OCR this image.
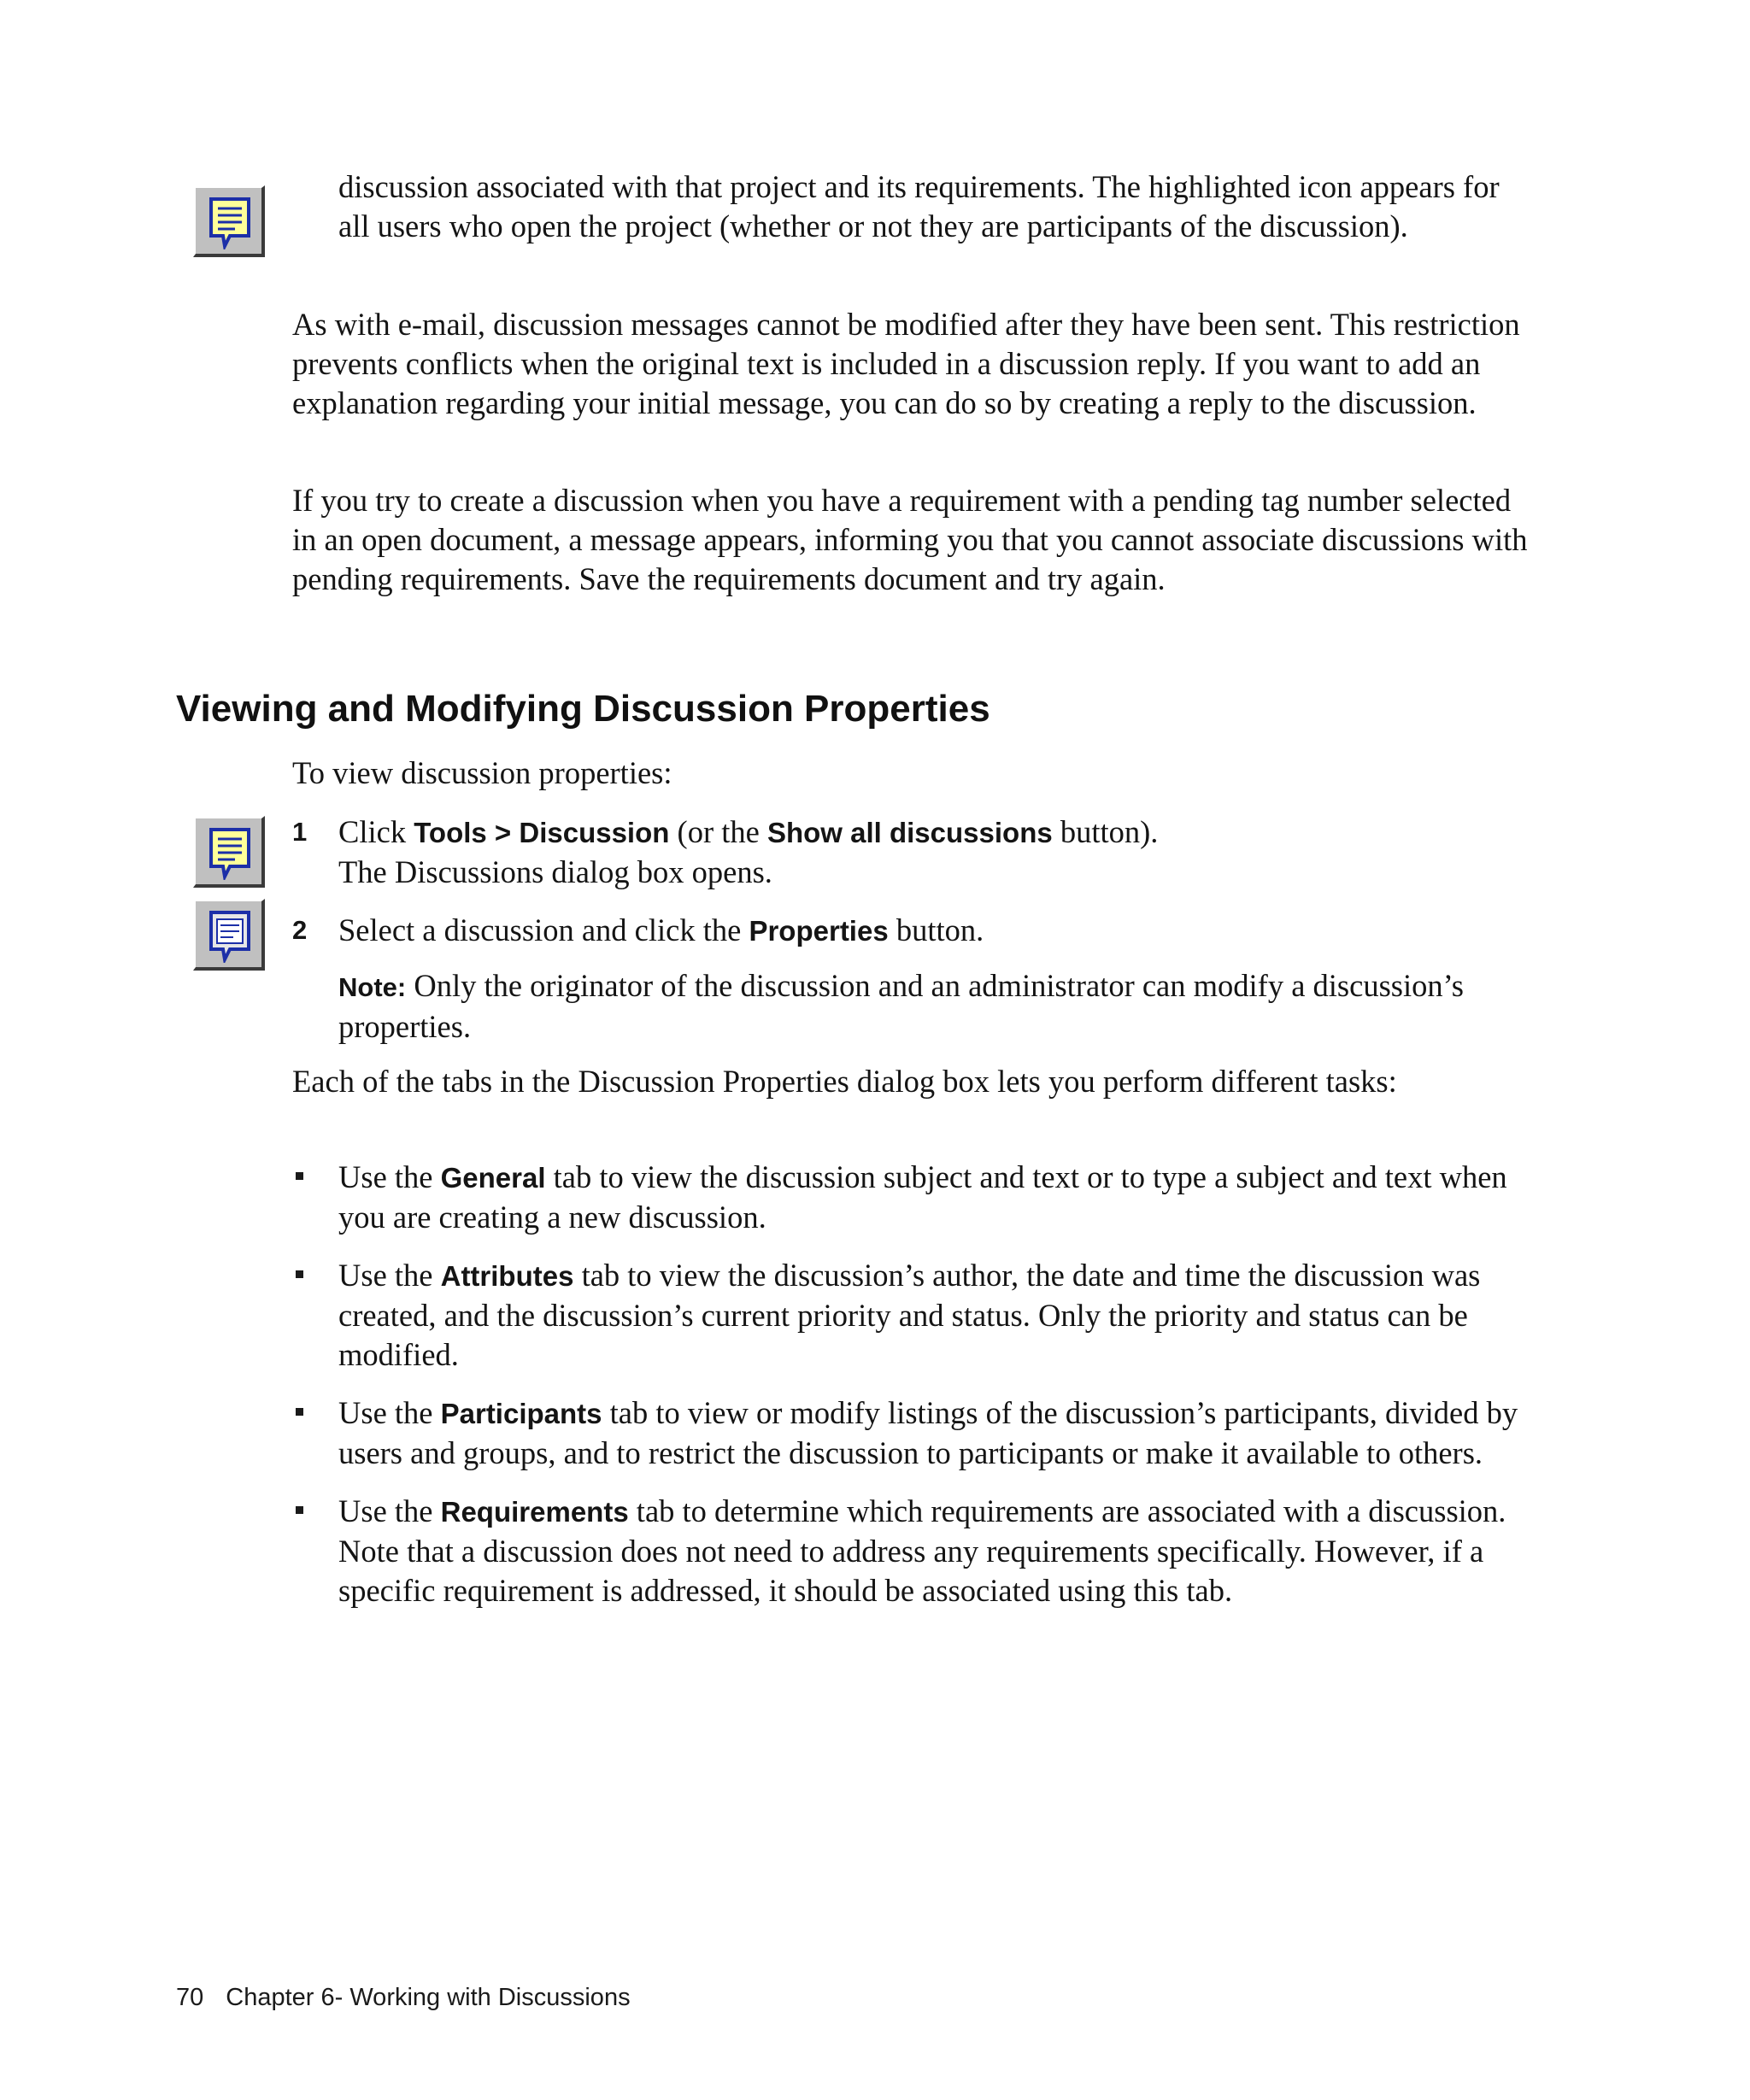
discussion associated with that project and its requirements. The highlighted icon appears for all users who open the project (whether or not they are participants of the discussion).

As with e-mail, discussion messages cannot be modified after they have been sent. This restriction prevents conflicts when the original text is included in a discussion reply. If you want to add an explanation regarding your initial message, you can do so by creating a reply to the discussion.

If you try to create a discussion when you have a requirement with a pending tag number selected in an open document, a message appears, informing you that you cannot associate discussions with pending requirements. Save the requirements document and try again.

Viewing and Modifying Discussion Properties

To view discussion properties:

1 Click Tools > Discussion (or the Show all discussions button).

The Discussions dialog box opens.

2 Select a discussion and click the Properties button.

Note: Only the originator of the discussion and an administrator can modify a discussion’s properties.

Each of the tabs in the Discussion Properties dialog box lets you perform different tasks:

Use the General tab to view the discussion subject and text or to type a subject and text when you are creating a new discussion.

Use the Attributes tab to view the discussion’s author, the date and time the discussion was created, and the discussion’s current priority and status. Only the priority and status can be modified.

Use the Participants tab to view or modify listings of the discussion’s participants, divided by users and groups, and to restrict the discussion to participants or make it available to others.

Use the Requirements tab to determine which requirements are associated with a discussion. Note that a discussion does not need to address any requirements specifically. However, if a specific requirement is addressed, it should be associated using this tab.

70 Chapter 6- Working with Discussions
